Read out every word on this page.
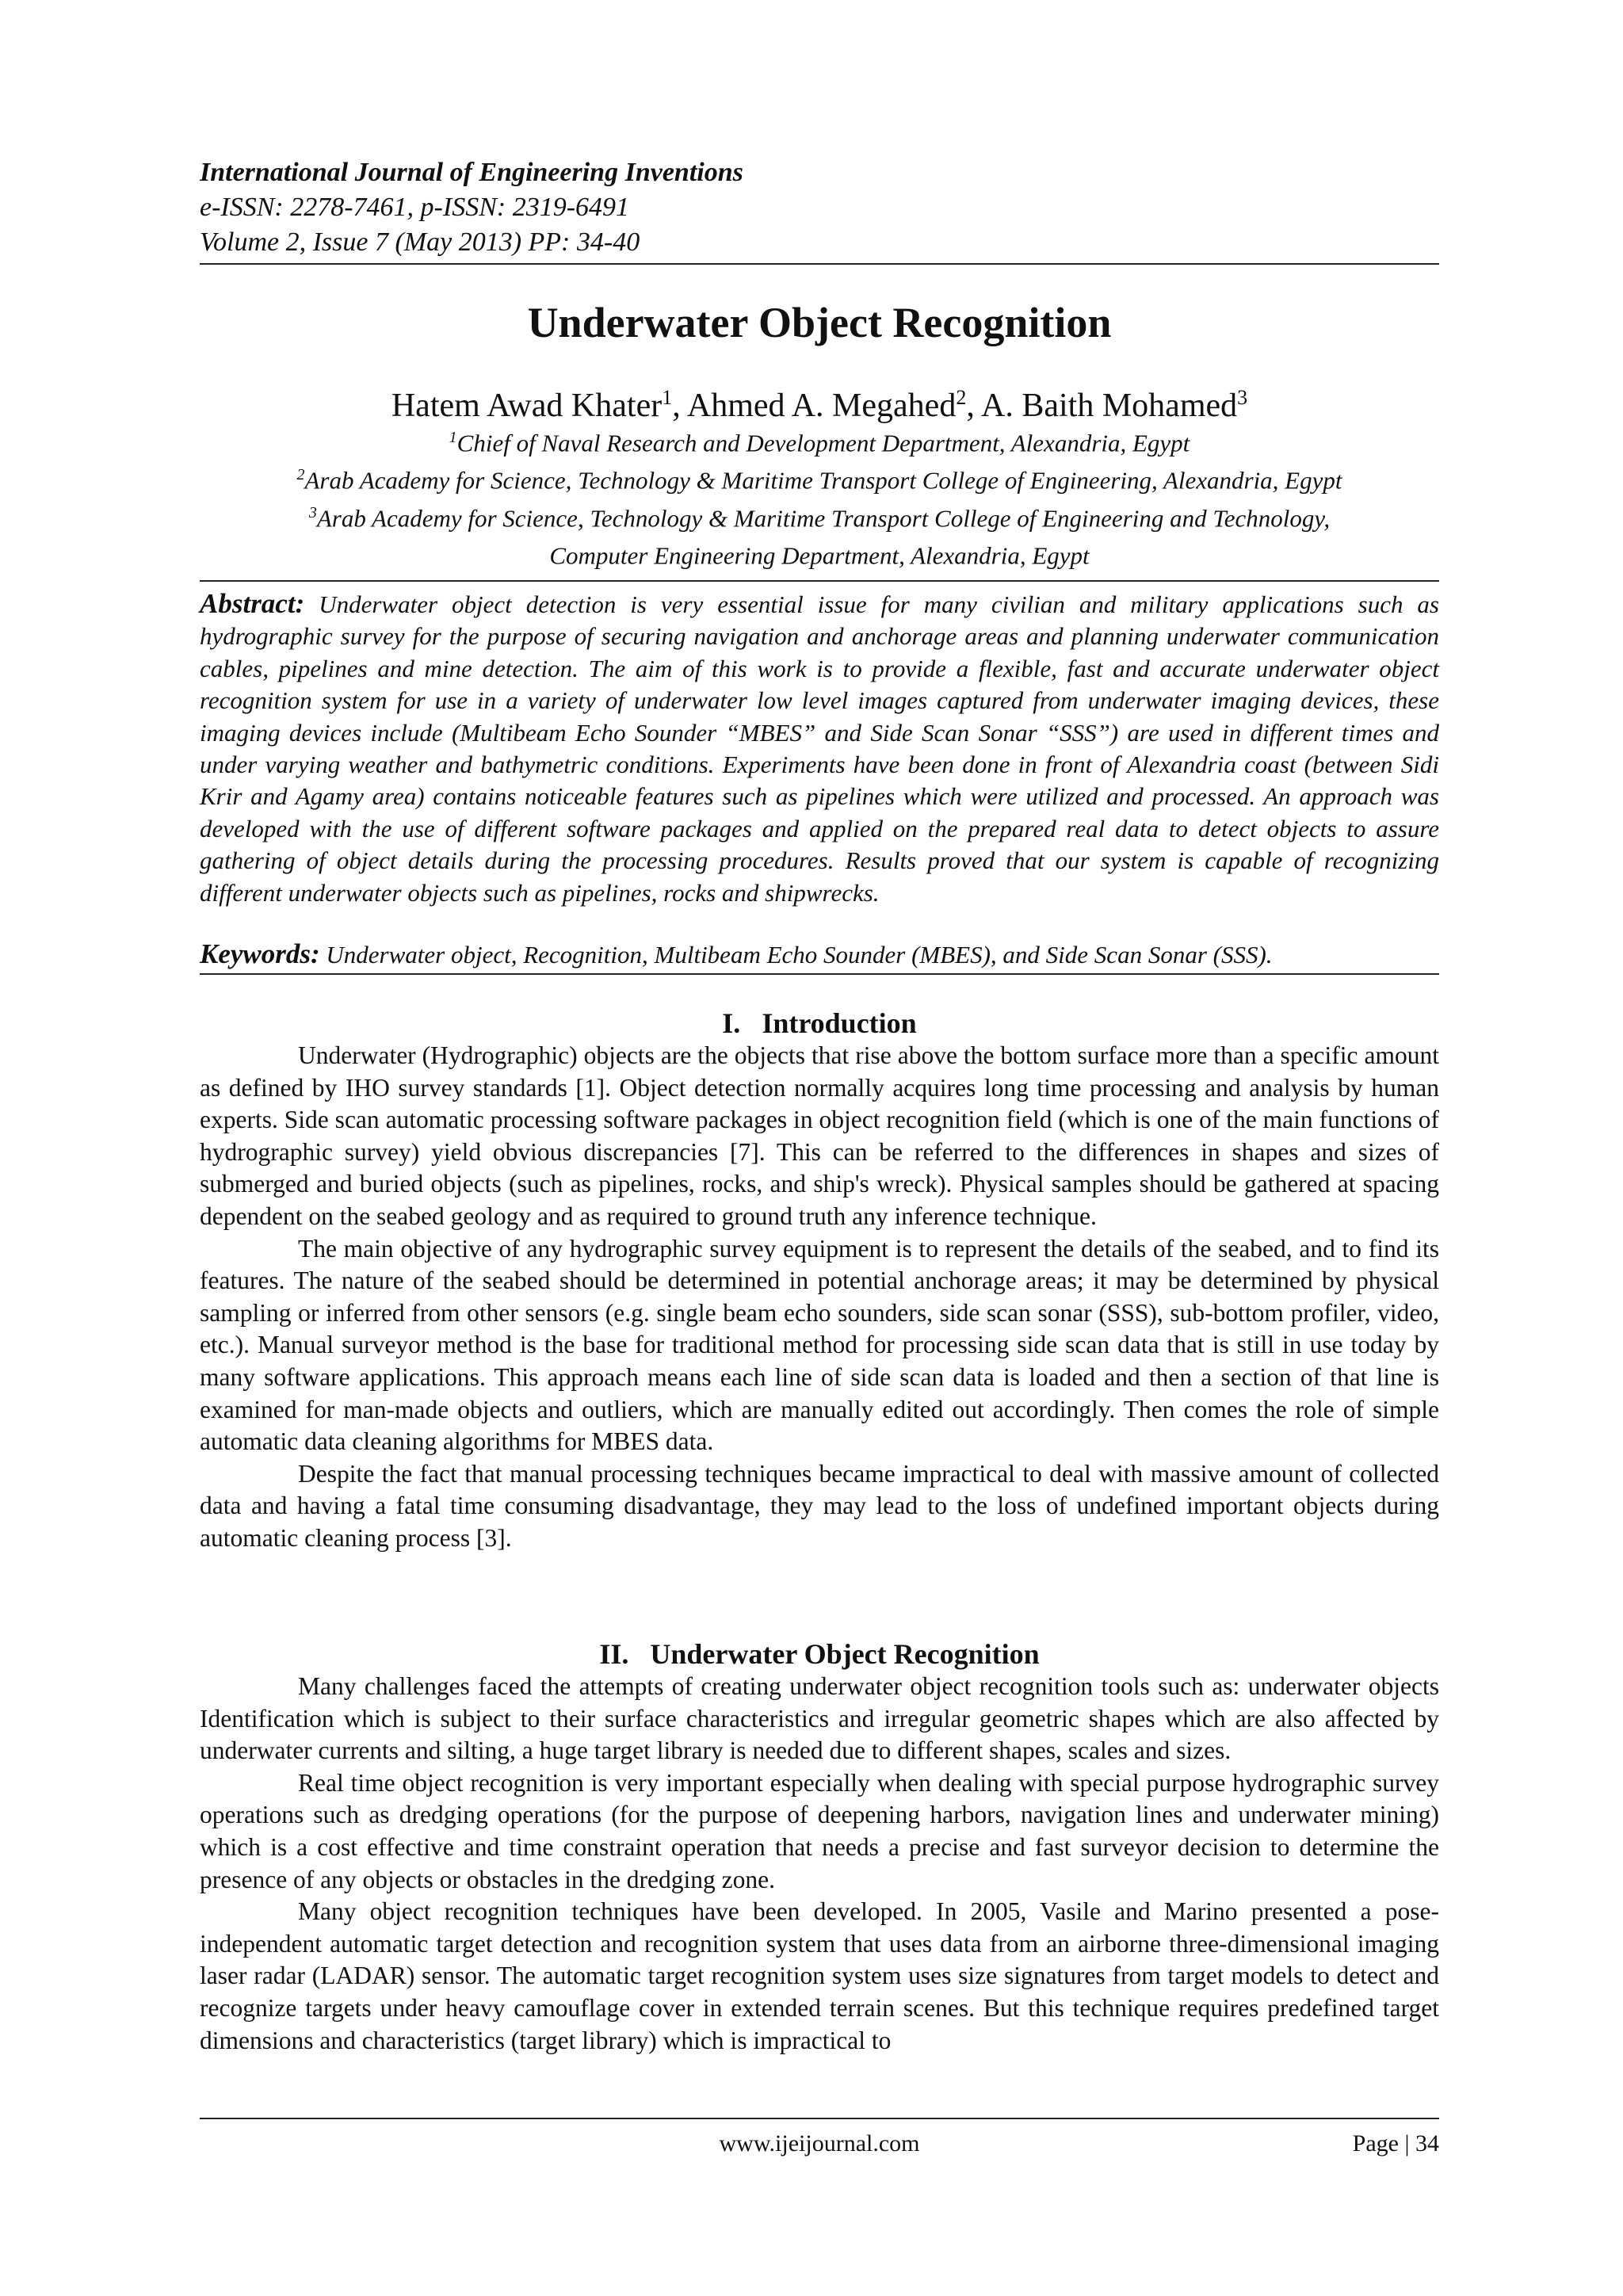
International Journal of Engineering Inventions
e-ISSN: 2278-7461, p-ISSN: 2319-6491
Volume 2, Issue 7 (May 2013) PP: 34-40
Underwater Object Recognition
Hatem Awad Khater$^1$, Ahmed A. Megahed$^2$, A. Baith Mohamed$^3$
$^1$Chief of Naval Research and Development Department, Alexandria, Egypt
$^2$Arab Academy for Science, Technology & Maritime Transport College of Engineering, Alexandria, Egypt
$^3$Arab Academy for Science, Technology & Maritime Transport College of Engineering and Technology,
Computer Engineering Department, Alexandria, Egypt
Abstract: Underwater object detection is very essential issue for many civilian and military applications such as hydrographic survey for the purpose of securing navigation and anchorage areas and planning underwater communication cables, pipelines and mine detection. The aim of this work is to provide a flexible, fast and accurate underwater object recognition system for use in a variety of underwater low level images captured from underwater imaging devices, these imaging devices include (Multibeam Echo Sounder “MBES” and Side Scan Sonar “SSS”) are used in different times and under varying weather and bathymetric conditions. Experiments have been done in front of Alexandria coast (between Sidi Krir and Agamy area) contains noticeable features such as pipelines which were utilized and processed. An approach was developed with the use of different software packages and applied on the prepared real data to detect objects to assure gathering of object details during the processing procedures. Results proved that our system is capable of recognizing different underwater objects such as pipelines, rocks and shipwrecks.
Keywords: Underwater object, Recognition, Multibeam Echo Sounder (MBES), and Side Scan Sonar (SSS).
I. Introduction

Underwater (Hydrographic) objects are the objects that rise above the bottom surface more than a specific amount as defined by IHO survey standards [1]. Object detection normally acquires long time processing and analysis by human experts. Side scan automatic processing software packages in object recognition field (which is one of the main functions of hydrographic survey) yield obvious discrepancies [7]. This can be referred to the differences in shapes and sizes of submerged and buried objects (such as pipelines, rocks, and ship's wreck). Physical samples should be gathered at spacing dependent on the seabed geology and as required to ground truth any inference technique.

The main objective of any hydrographic survey equipment is to represent the details of the seabed, and to find its features. The nature of the seabed should be determined in potential anchorage areas; it may be determined by physical sampling or inferred from other sensors (e.g. single beam echo sounders, side scan sonar (SSS), sub-bottom profiler, video, etc.). Manual surveyor method is the base for traditional method for processing side scan data that is still in use today by many software applications. This approach means each line of side scan data is loaded and then a section of that line is examined for man-made objects and outliers, which are manually edited out accordingly. Then comes the role of simple automatic data cleaning algorithms for MBES data.

Despite the fact that manual processing techniques became impractical to deal with massive amount of collected data and having a fatal time consuming disadvantage, they may lead to the loss of undefined important objects during automatic cleaning process [3].

II. Underwater Object Recognition

Many challenges faced the attempts of creating underwater object recognition tools such as: underwater objects Identification which is subject to their surface characteristics and irregular geometric shapes which are also affected by underwater currents and silting, a huge target library is needed due to different shapes, scales and sizes.

Real time object recognition is very important especially when dealing with special purpose hydrographic survey operations such as dredging operations (for the purpose of deepening harbors, navigation lines and underwater mining) which is a cost effective and time constraint operation that needs a precise and fast surveyor decision to determine the presence of any objects or obstacles in the dredging zone.

Many object recognition techniques have been developed. In 2005, Vasile and Marino presented a pose-independent automatic target detection and recognition system that uses data from an airborne three-dimensional imaging laser radar (LADAR) sensor. The automatic target recognition system uses size signatures from target models to detect and recognize targets under heavy camouflage cover in extended terrain scenes. But this technique requires predefined target dimensions and characteristics (target library) which is impractical to

www.ijeijournal.com	Page | 34
